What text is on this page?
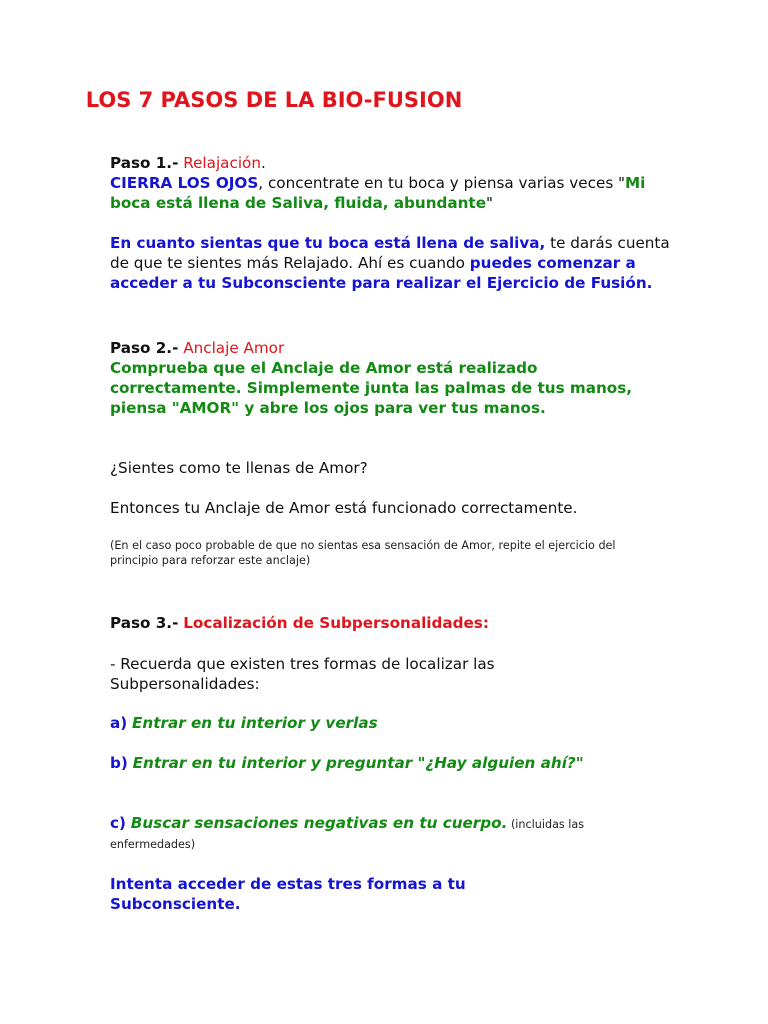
LOS 7 PASOS DE LA BIO-FUSION
Paso 1.- Relajación.
CIERRA LOS OJOS, concentrate en tu boca y piensa varias veces "Mi boca está llena de Saliva, fluida, abundante"
En cuanto sientas que tu boca está llena de saliva, te darás cuenta de que te sientes más Relajado. Ahí es cuando puedes comenzar a acceder a tu Subconsciente para realizar el Ejercicio de Fusión.
Paso 2.- Anclaje Amor
Comprueba que el Anclaje de Amor está realizado correctamente. Simplemente junta las palmas de tus manos, piensa "AMOR" y abre los ojos para ver tus manos.
¿Sientes como te llenas de Amor?
Entonces tu Anclaje de Amor está funcionado correctamente.
(En el caso poco probable de que no sientas esa sensación de Amor, repite el ejercicio del principio para reforzar este anclaje)
Paso 3.- Localización de Subpersonalidades:
- Recuerda que existen tres formas de localizar las Subpersonalidades:
a) Entrar en tu interior y verlas
b) Entrar en tu interior y preguntar "¿Hay alguien ahí?"
c) Buscar sensaciones negativas en tu cuerpo. (incluidas las enfermedades)
Intenta acceder de estas tres formas a tu Subconsciente.
